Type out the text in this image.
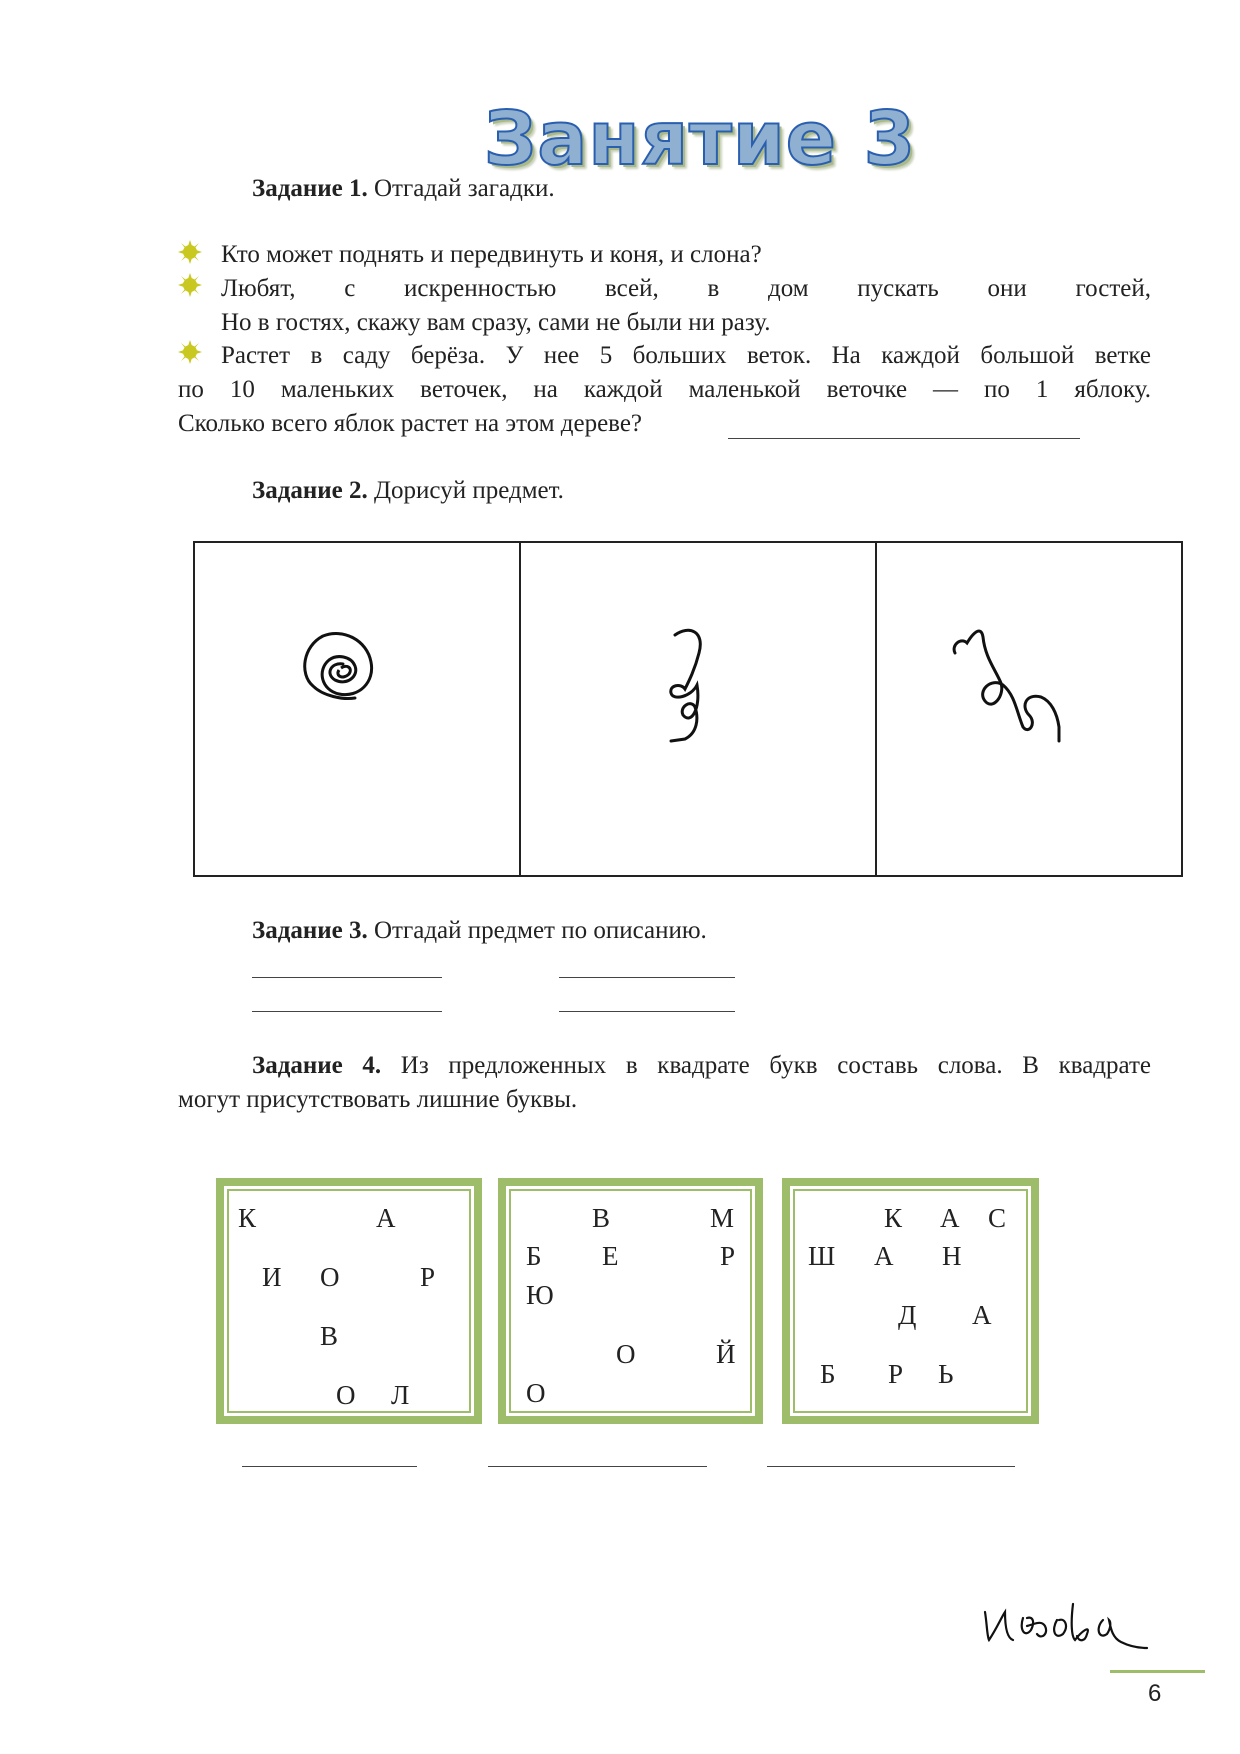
Занятие 3
Задание 1. Отгадай загадки.
Кто может поднять и передвинуть и коня, и слона?
Любят, с искренностью всей, в дом пускать они гостей,
Но в гостях, скажу вам сразу, сами не были ни разу.
Растет в саду берёза. У нее 5 больших веток. На каждой большой ветке
по 10 маленьких веточек, на каждой маленькой веточке — по 1 яблоку.
Сколько всего яблок растет на этом дереве?
Задание 2. Дорисуй предмет.
Задание 3. Отгадай предмет по описанию.
Задание 4. Из предложенных в квадрате букв составь слова. В квадрате
могут присутствовать лишние буквы.
К	А
И О	Р
В
О Л
В	М
Б Е	Р
Ю
О	Й
О
К А С
Ш А Н
Д А
Б Р Ь
6
